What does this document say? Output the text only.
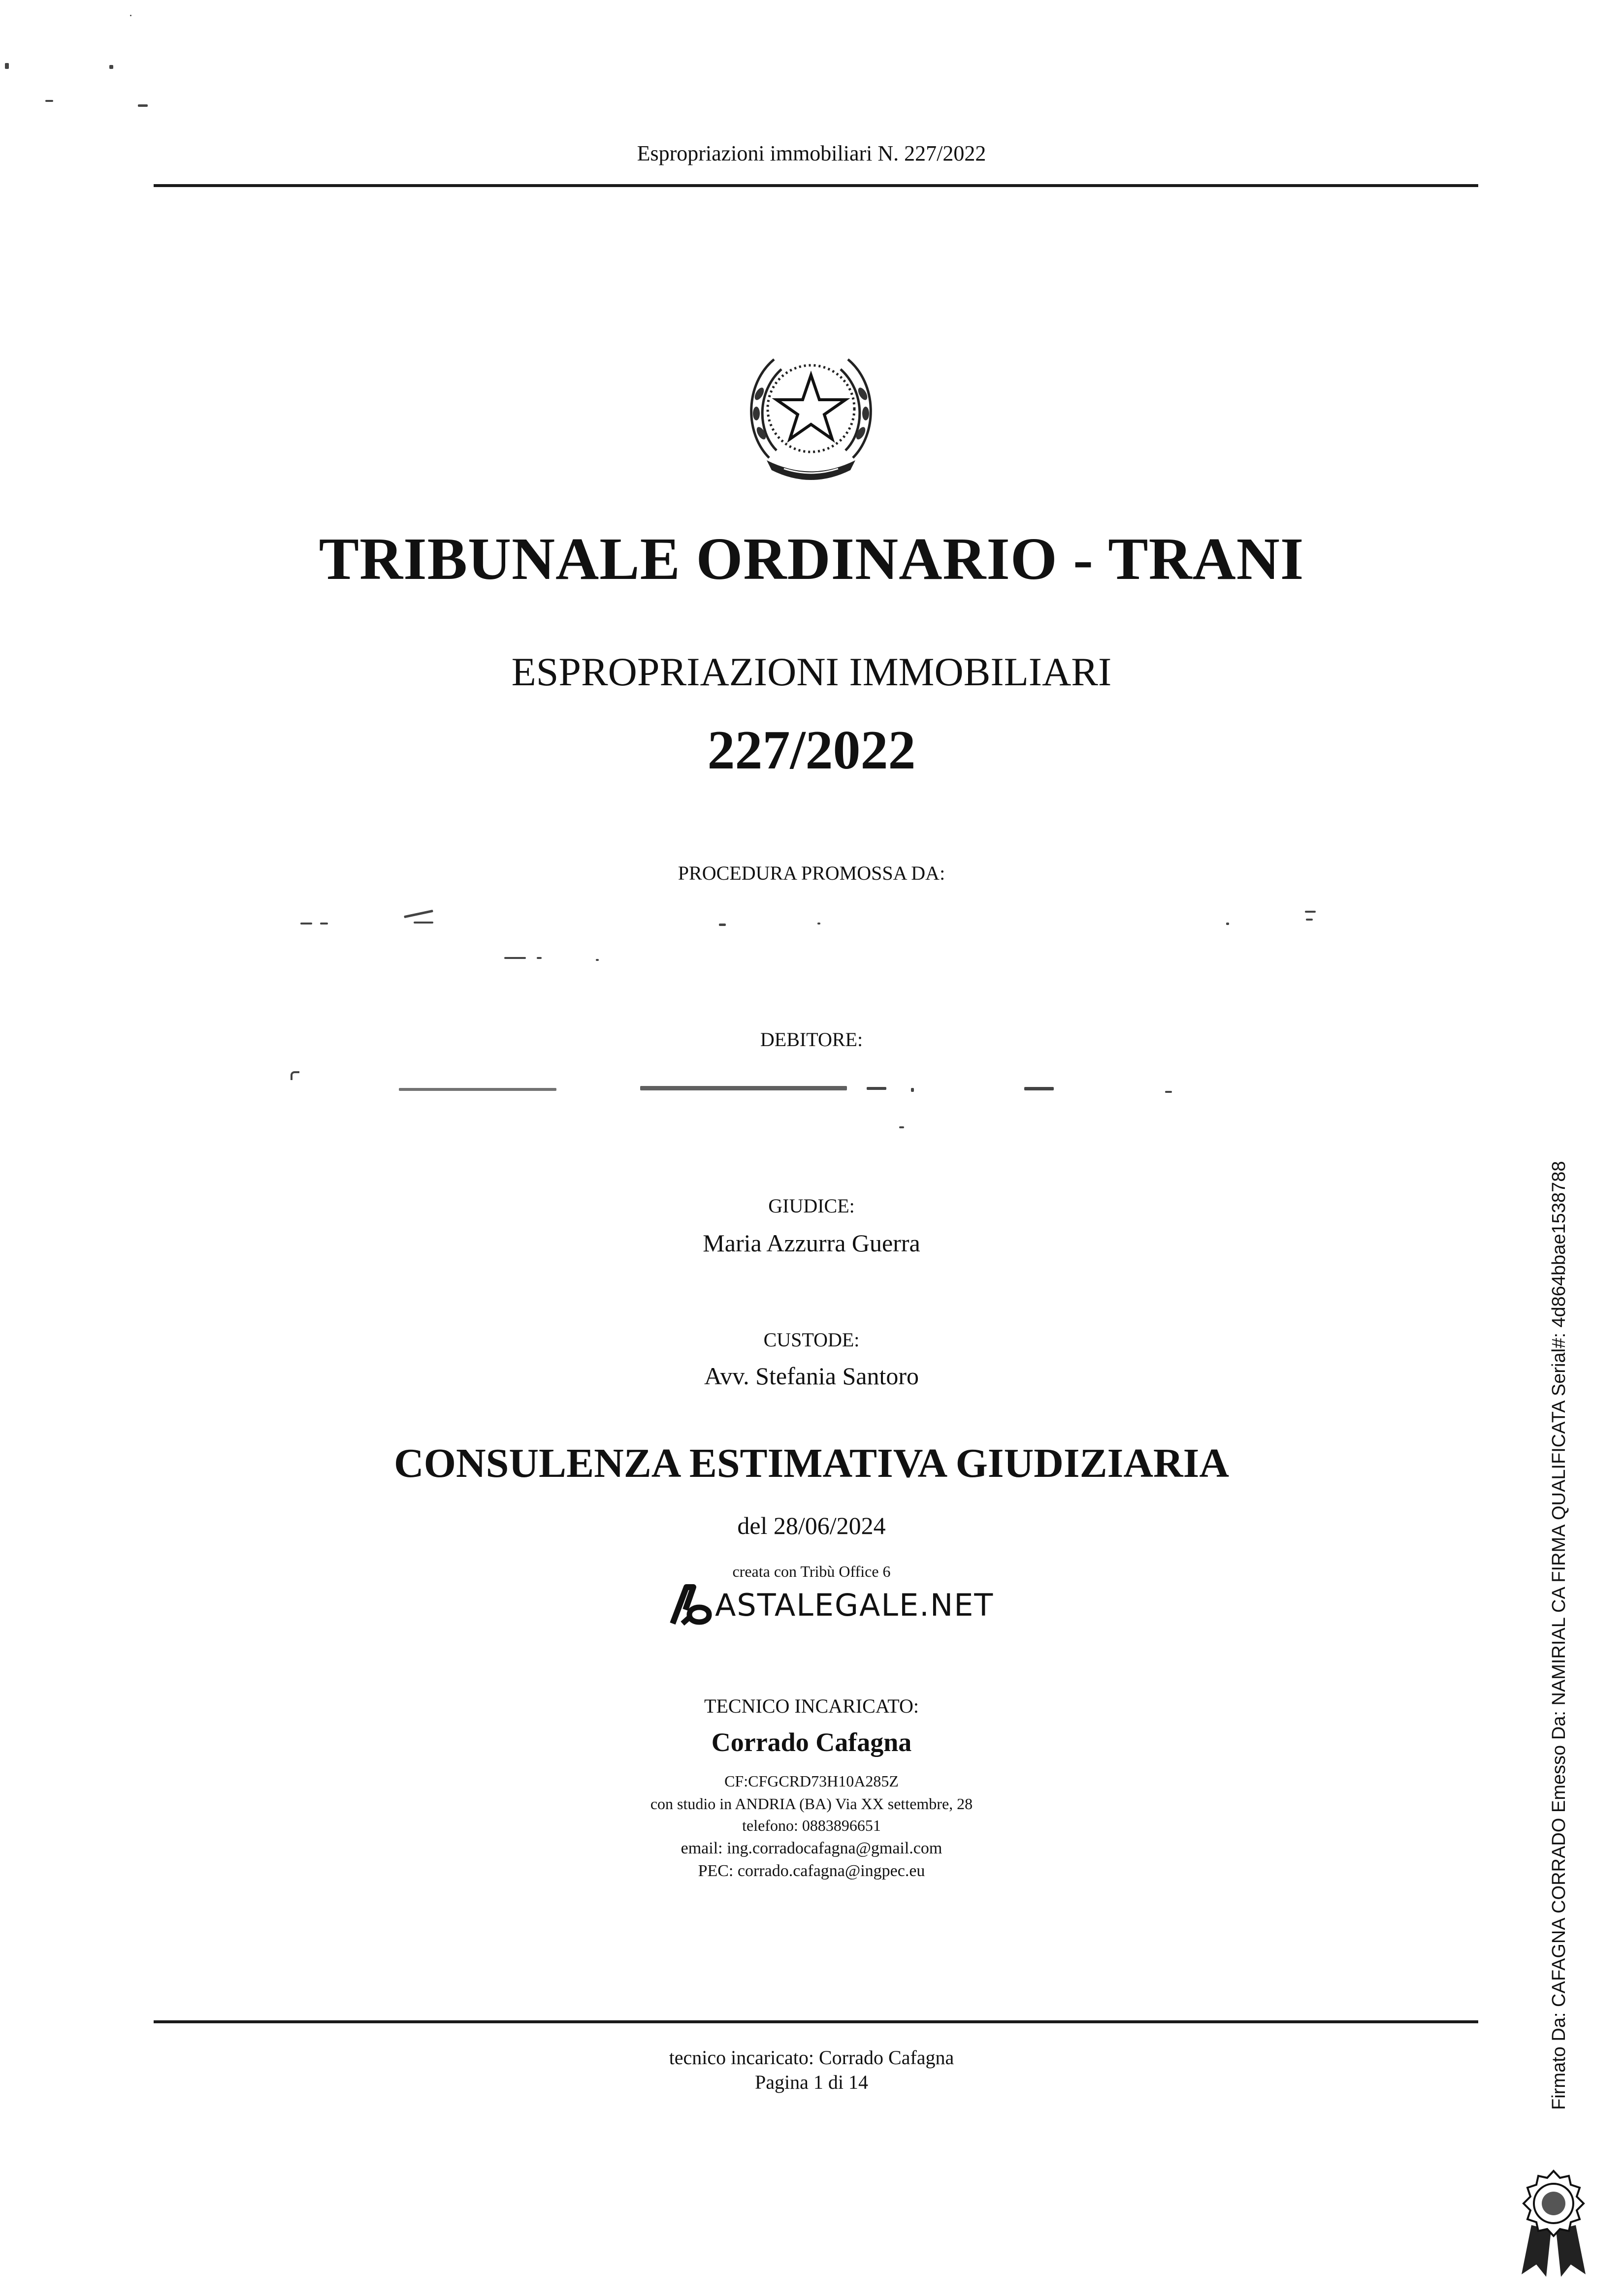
Espropriazioni immobiliari N. 227/2022
TRIBUNALE ORDINARIO - TRANI
ESPROPRIAZIONI IMMOBILIARI
227/2022
PROCEDURA PROMOSSA DA:
DEBITORE:
GIUDICE:
Maria Azzurra Guerra
CUSTODE:
Avv. Stefania Santoro
CONSULENZA ESTIMATIVA GIUDIZIARIA
del 28/06/2024
creata con Tribù Office 6
ASTALEGALE.NET
TECNICO INCARICATO:
Corrado Cafagna
CF:CFGCRD73H10A285Z
con studio in ANDRIA (BA) Via XX settembre, 28
telefono: 0883896651
email: ing.corradocafagna@gmail.com
PEC: corrado.cafagna@ingpec.eu
tecnico incaricato: Corrado Cafagna
Pagina 1 di 14	Firmato Da: CAFAGNA CORRADO Emesso Da: NAMIRIAL CA FIRMA QUALIFICATA Serial#: 4d864bbae1538788
